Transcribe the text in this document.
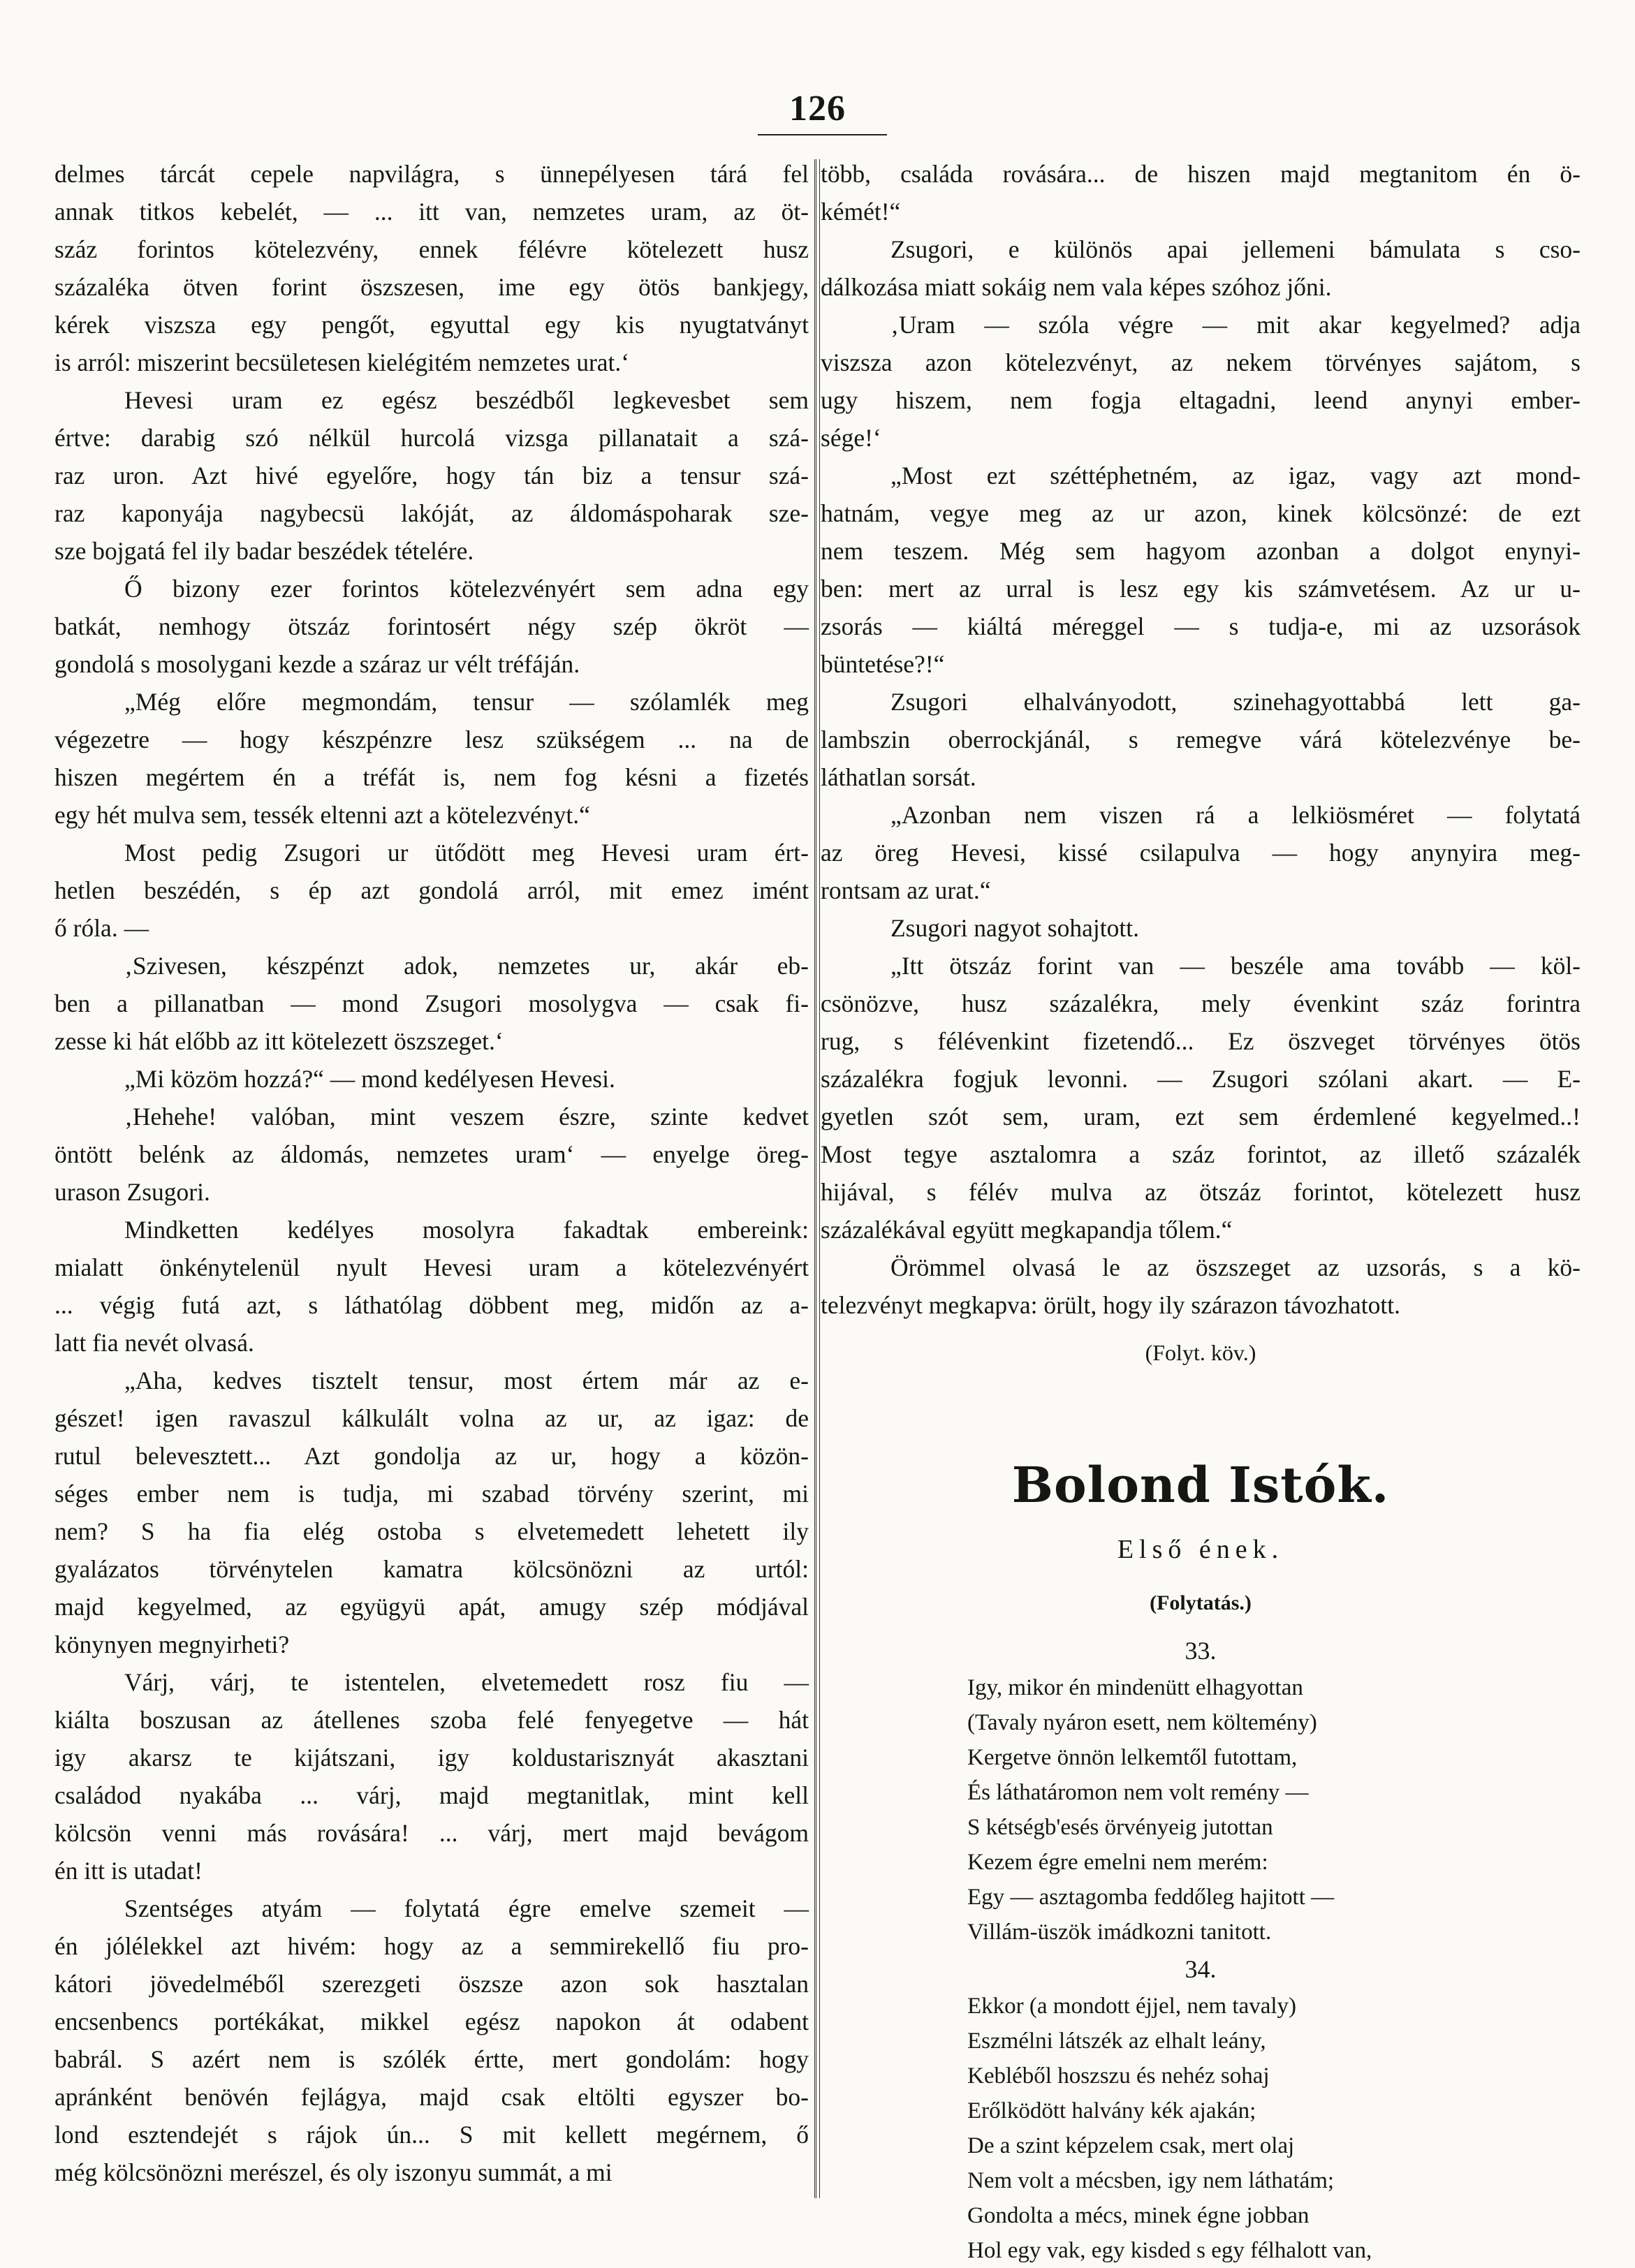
126

delmes tárcát cepele napvilágra, s ünnepélyesen tárá fel
annak titkos kebelét, — ... itt van, nemzetes uram, az öt-
száz forintos kötelezvény, ennek félévre kötelezett husz
százaléka ötven forint öszszesen, ime egy ötös bankjegy,
kérek viszsza egy pengőt, egyuttal egy kis nyugtatványt
is arról: miszerint becsületesen kielégitém nemzetes urat.‘

Hevesi uram ez egész beszédből legkevesbet sem
értve: darabig szó nélkül hurcolá vizsga pillanatait a szá-
raz uron. Azt hivé egyelőre, hogy tán biz a tensur szá-
raz kaponyája nagybecsü lakóját, az áldomáspoharak sze-
sze bojgatá fel ily badar beszédek tételére.

Ő bizony ezer forintos kötelezvényért sem adna egy
batkát, nemhogy ötszáz forintosért négy szép ökröt —
gondolá s mosolygani kezde a száraz ur vélt tréfáján.

„Még előre megmondám, tensur — szólamlék meg
végezetre — hogy készpénzre lesz szükségem ... na de
hiszen megértem én a tréfát is, nem fog késni a fizetés
egy hét mulva sem, tessék eltenni azt a kötelezvényt.“

Most pedig Zsugori ur ütődött meg Hevesi uram ért-
hetlen beszédén, s ép azt gondolá arról, mit emez imént
ő róla. —

‚Szivesen, készpénzt adok, nemzetes ur, akár eb-
ben a pillanatban — mond Zsugori mosolygva — csak fi-
zesse ki hát előbb az itt kötelezett öszszeget.‘

„Mi közöm hozzá?“ — mond kedélyesen Hevesi.

‚Hehehe! valóban, mint veszem észre, szinte kedvet
öntött belénk az áldomás, nemzetes uram‘ — enyelge öreg-
urason Zsugori.

Mindketten kedélyes mosolyra fakadtak embereink:
mialatt önkénytelenül nyult Hevesi uram a kötelezvényért
... végig futá azt, s láthatólag döbbent meg, midőn az a-
latt fia nevét olvasá.

„Aha, kedves tisztelt tensur, most értem már az e-
gészet! igen ravaszul kálkulált volna az ur, az igaz: de
rutul belevesztett... Azt gondolja az ur, hogy a közön-
séges ember nem is tudja, mi szabad törvény szerint, mi
nem? S ha fia elég ostoba s elvetemedett lehetett ily
gyalázatos törvénytelen kamatra kölcsönözni az urtól:
majd kegyelmed, az együgyü apát, amugy szép módjával
könynyen megnyirheti?

Várj, várj, te istentelen, elvetemedett rosz fiu —
kiálta boszusan az átellenes szoba felé fenyegetve — hát
igy akarsz te kijátszani, igy koldustarisznyát akasztani
családod nyakába ... várj, majd megtanitlak, mint kell
kölcsön venni más rovására! ... várj, mert majd bevágom
én itt is utadat!

Szentséges atyám — folytatá égre emelve szemeit —
én jólélekkel azt hivém: hogy az a semmirekellő fiu pro-
kátori jövedelméből szerezgeti öszsze azon sok hasztalan
encsenbencs portékákat, mikkel egész napokon át odabent
babrál. S azért nem is szólék értte, mert gondolám: hogy
apránként benövén fejlágya, majd csak eltölti egyszer bo-
lond esztendejét s rájok ún... S mit kellett megérnem, ő
még kölcsönözni merészel, és oly iszonyu summát, a mi

több, családa rovására... de hiszen majd megtanitom én ö-
kémét!“

Zsugori, e különös apai jellemeni bámulata s cso-
dálkozása miatt sokáig nem vala képes szóhoz jőni.

‚Uram — szóla végre — mit akar kegyelmed? adja
viszsza azon kötelezvényt, az nekem törvényes sajátom, s
ugy hiszem, nem fogja eltagadni, leend anynyi ember-
sége!‘

„Most ezt széttéphetném, az igaz, vagy azt mond-
hatnám, vegye meg az ur azon, kinek kölcsönzé: de ezt
nem teszem. Még sem hagyom azonban a dolgot enynyi-
ben: mert az urral is lesz egy kis számvetésem. Az ur u-
zsorás — kiáltá méreggel — s tudja-e, mi az uzsorások
büntetése?!“

Zsugori elhalványodott, szinehagyottabbá lett ga-
lambszin oberrockjánál, s remegve várá kötelezvénye be-
láthatlan sorsát.

„Azonban nem viszen rá a lelkiösméret — folytatá
az öreg Hevesi, kissé csilapulva — hogy anynyira meg-
rontsam az urat.“

Zsugori nagyot sohajtott.

„Itt ötszáz forint van — beszéle ama tovább — köl-
csönözve, husz százalékra, mely évenkint száz forintra
rug, s félévenkint fizetendő... Ez öszveget törvényes ötös
százalékra fogjuk levonni. — Zsugori szólani akart. — E-
gyetlen szót sem, uram, ezt sem érdemlené kegyelmed..!
Most tegye asztalomra a száz forintot, az illető százalék
hijával, s félév mulva az ötszáz forintot, kötelezett husz
százalékával együtt megkapandja tőlem.“

Örömmel olvasá le az öszszeget az uzsorás, s a kö-
telezvényt megkapva: örült, hogy ily szárazon távozhatott.

(Folyt. köv.)
Bolond Istók.
Első ének.
(Folytatás.)
33.
Igy, mikor én mindenütt elhagyottan
(Tavaly nyáron esett, nem költemény)
Kergetve önnön lelkemtől futottam,
És láthatáromon nem volt remény —
S kétségb'esés örvényeig jutottan
Kezem égre emelni nem merém:
Egy — asztagomba feddőleg hajitott —
Villám-üszök imádkozni tanitott.
34.
Ekkor (a mondott éjjel, nem tavaly)
Eszmélni látszék az elhalt leány,
Kebléből hoszszu és nehéz sohaj
Erőlködött halvány kék ajakán;
De a szint képzelem csak, mert olaj
Nem volt a mécsben, igy nem láthatám;
Gondolta a mécs, minek égne jobban
Hol egy vak, egy kisded s egy félhalott van,
